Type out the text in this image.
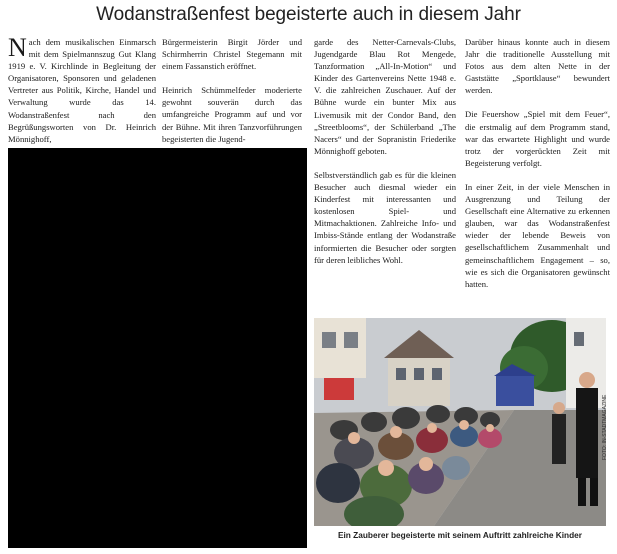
Wodanstraßenfest begeisterte auch in diesem Jahr

Nach dem musikalischen Einmarsch mit dem Spielmannszug Gut Klang 1919 e. V. Kirchlinde in Begleitung der Organisatoren, Sponsoren und geladenen Vertreter aus Politik, Kirche, Handel und Verwaltung wurde das 14. Wodanstraßenfest nach den Begrüßungsworten von Dr. Heinrich Mönnighoff,

Bürgermeisterin Birgit Jörder und Schirmherrin Christel Stegemann mit einem Fassanstich eröffnet.

Heinrich Schümmelfeder moderierte gewohnt souverän durch das umfangreiche Programm auf und vor der Bühne. Mit ihren Tanzvorführungen begeisterten die Jugend-

garde des Netter-Carnevals-Clubs, Jugendgarde Blau Rot Mengede, Tanzformation „All-In-Motion“ und Kinder des Gartenvereins Nette 1948 e. V. die zahlreichen Zuschauer. Auf der Bühne wurde ein bunter Mix aus Livemusik mit der Condor Band, den „Streetblooms“, der Schülerband „The Nacers“ und der Sopranistin Friederike Mönnighoff geboten.

Selbstverständlich gab es für die kleinen Besucher auch diesmal wieder ein Kinderfest mit interessanten und kostenlosen Spiel- und Mitmachaktionen. Zahlreiche Info- und Imbiss-Stände entlang der Wodanstraße informierten die Besucher oder sorgten für deren leibliches Wohl.

Darüber hinaus konnte auch in diesem Jahr die traditionelle Ausstellung mit Fotos aus dem alten Nette in der Gaststätte „Sportklause“ bewundert werden.

Die Feuershow „Spiel mit dem Feuer“, die erstmalig auf dem Programm stand, war das erwartete Highlight und wurde trotz der vorgerückten Zeit mit Begeisterung verfolgt.

In einer Zeit, in der viele Menschen in Ausgrenzung und Teilung der Gesellschaft eine Alternative zu erkennen glauben, war das Wodanstraßenfest wieder der lebende Beweis von gesellschaftlichem Zusammenhalt und gemeinschaftlichem Engagement – so, wie es sich die Organisatoren gewünscht hatten.

Ein Zauberer begeisterte mit seinem Auftritt zahlreiche Kinder
FOTO: IN-STADTMAGAZINE
